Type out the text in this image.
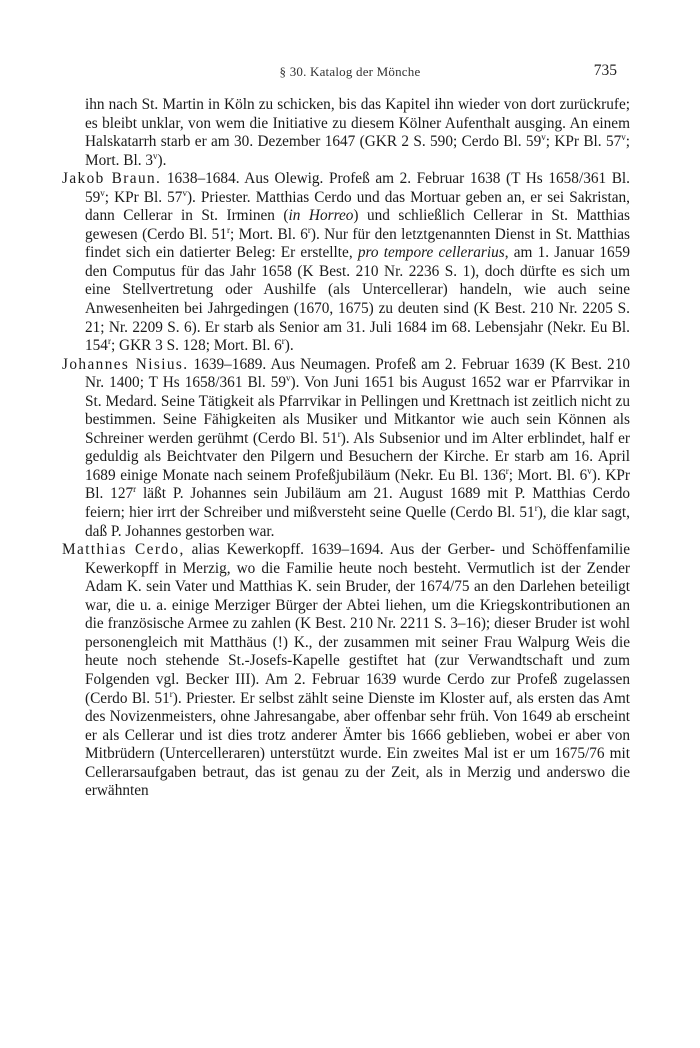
§ 30. Katalog der Mönche	735

ihn nach St. Martin in Köln zu schicken, bis das Kapitel ihn wieder von dort zurückrufe; es bleibt unklar, von wem die Initiative zu diesem Kölner Aufenthalt ausging. An einem Halskatarrh starb er am 30. Dezember 1647 (GKR 2 S. 590; Cerdo Bl. 59$^v$; KPr Bl. 57$^v$; Mort. Bl. 3$^v$).

Jakob Braun. 1638–1684. Aus Olewig. Profeß am 2. Februar 1638 (T Hs 1658/361 Bl. 59$^v$; KPr Bl. 57$^v$). Priester. Matthias Cerdo und das Mortuar geben an, er sei Sakristan, dann Cellerar in St. Irminen (in Horreo) und schließlich Cellerar in St. Matthias gewesen (Cerdo Bl. 51$^r$; Mort. Bl. 6$^r$). Nur für den letztgenannten Dienst in St. Matthias findet sich ein datierter Beleg: Er erstellte, pro tempore cellerarius, am 1. Januar 1659 den Computus für das Jahr 1658 (K Best. 210 Nr. 2236 S. 1), doch dürfte es sich um eine Stellvertretung oder Aushilfe (als Untercellerar) handeln, wie auch seine Anwesenheiten bei Jahrgedingen (1670, 1675) zu deuten sind (K Best. 210 Nr. 2205 S. 21; Nr. 2209 S. 6). Er starb als Senior am 31. Juli 1684 im 68. Lebensjahr (Nekr. Eu Bl. 154$^r$; GKR 3 S. 128; Mort. Bl. 6$^r$).

Johannes Nisius. 1639–1689. Aus Neumagen. Profeß am 2. Februar 1639 (K Best. 210 Nr. 1400; T Hs 1658/361 Bl. 59$^v$). Von Juni 1651 bis August 1652 war er Pfarrvikar in St. Medard. Seine Tätigkeit als Pfarrvikar in Pellingen und Krettnach ist zeitlich nicht zu bestimmen. Seine Fähigkeiten als Musiker und Mitkantor wie auch sein Können als Schreiner werden gerühmt (Cerdo Bl. 51$^r$). Als Subsenior und im Alter erblindet, half er geduldig als Beichtvater den Pilgern und Besuchern der Kirche. Er starb am 16. April 1689 einige Monate nach seinem Profeßjubiläum (Nekr. Eu Bl. 136$^r$; Mort. Bl. 6$^v$). KPr Bl. 127$^r$ läßt P. Johannes sein Jubiläum am 21. August 1689 mit P. Matthias Cerdo feiern; hier irrt der Schreiber und mißversteht seine Quelle (Cerdo Bl. 51$^r$), die klar sagt, daß P. Johannes gestorben war.

Matthias Cerdo, alias Kewerkopff. 1639–1694. Aus der Gerber- und Schöffenfamilie Kewerkopff in Merzig, wo die Familie heute noch besteht. Vermutlich ist der Zender Adam K. sein Vater und Matthias K. sein Bruder, der 1674/75 an den Darlehen beteiligt war, die u. a. einige Merziger Bürger der Abtei liehen, um die Kriegskontributionen an die französische Armee zu zahlen (K Best. 210 Nr. 2211 S. 3–16); dieser Bruder ist wohl personengleich mit Matthäus (!) K., der zusammen mit seiner Frau Walpurg Weis die heute noch stehende St.-Josefs-Kapelle gestiftet hat (zur Verwandtschaft und zum Folgenden vgl. Becker III). Am 2. Februar 1639 wurde Cerdo zur Profeß zugelassen (Cerdo Bl. 51$^r$). Priester. Er selbst zählt seine Dienste im Kloster auf, als ersten das Amt des Novizenmeisters, ohne Jahresangabe, aber offenbar sehr früh. Von 1649 ab erscheint er als Cellerar und ist dies trotz anderer Ämter bis 1666 geblieben, wobei er aber von Mitbrüdern (Untercelleraren) unterstützt wurde. Ein zweites Mal ist er um 1675/76 mit Cellerarsaufgaben betraut, das ist genau zu der Zeit, als in Merzig und anderswo die erwähnten
